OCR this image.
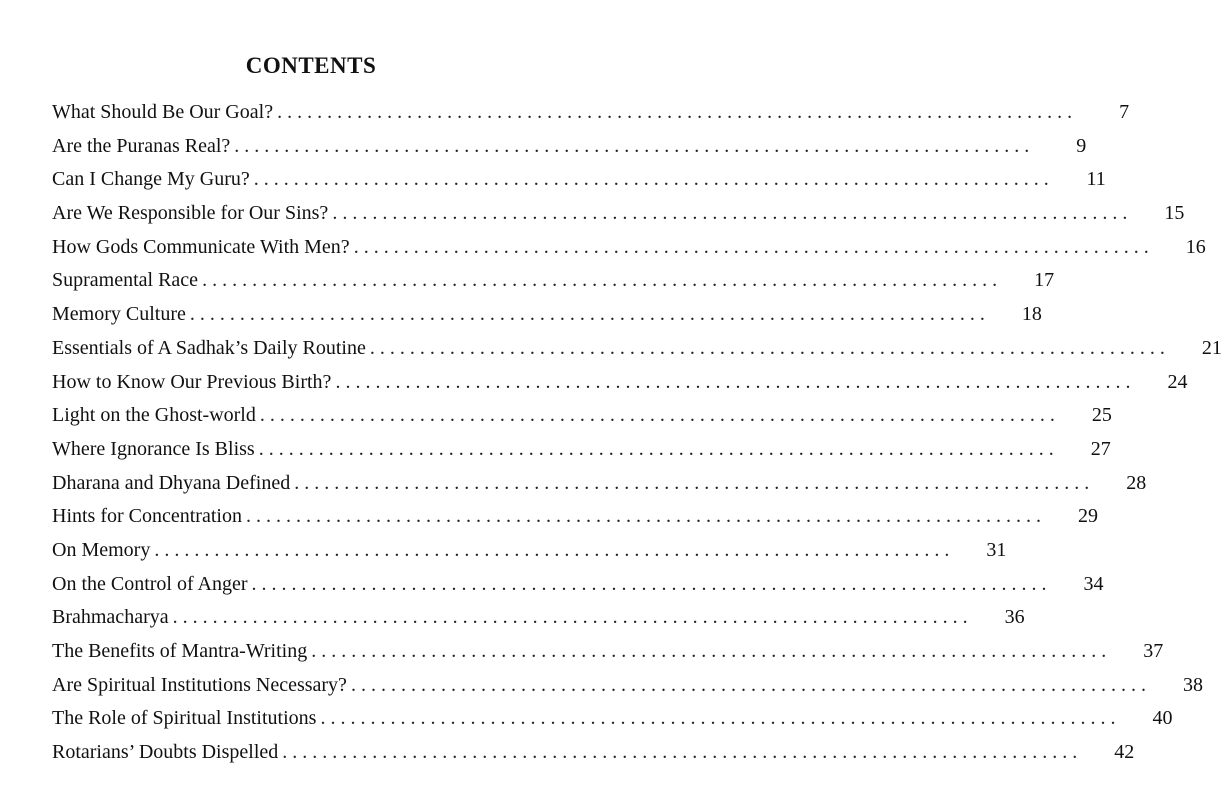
CONTENTS
What Should Be Our Goal? ................................................................................	7
Are the Puranas Real? ................................................................................	9
Can I Change My Guru? ................................................................................	11
Are We Responsible for Our Sins? ................................................................................	15
How Gods Communicate With Men? ................................................................................	16
Supramental Race ................................................................................	17
Memory Culture ................................................................................	18
Essentials of A Sadhak’s Daily Routine ................................................................................	21
How to Know Our Previous Birth? ................................................................................	24
Light on the Ghost-world ................................................................................	25
Where Ignorance Is Bliss ................................................................................	27
Dharana and Dhyana Defined ................................................................................	28
Hints for Concentration ................................................................................	29
On Memory ................................................................................	31
On the Control of Anger ................................................................................	34
Brahmacharya ................................................................................	36
The Benefits of Mantra-Writing ................................................................................	37
Are Spiritual Institutions Necessary? ................................................................................	38
The Role of Spiritual Institutions ................................................................................	40
Rotarians’ Doubts Dispelled ................................................................................	42
